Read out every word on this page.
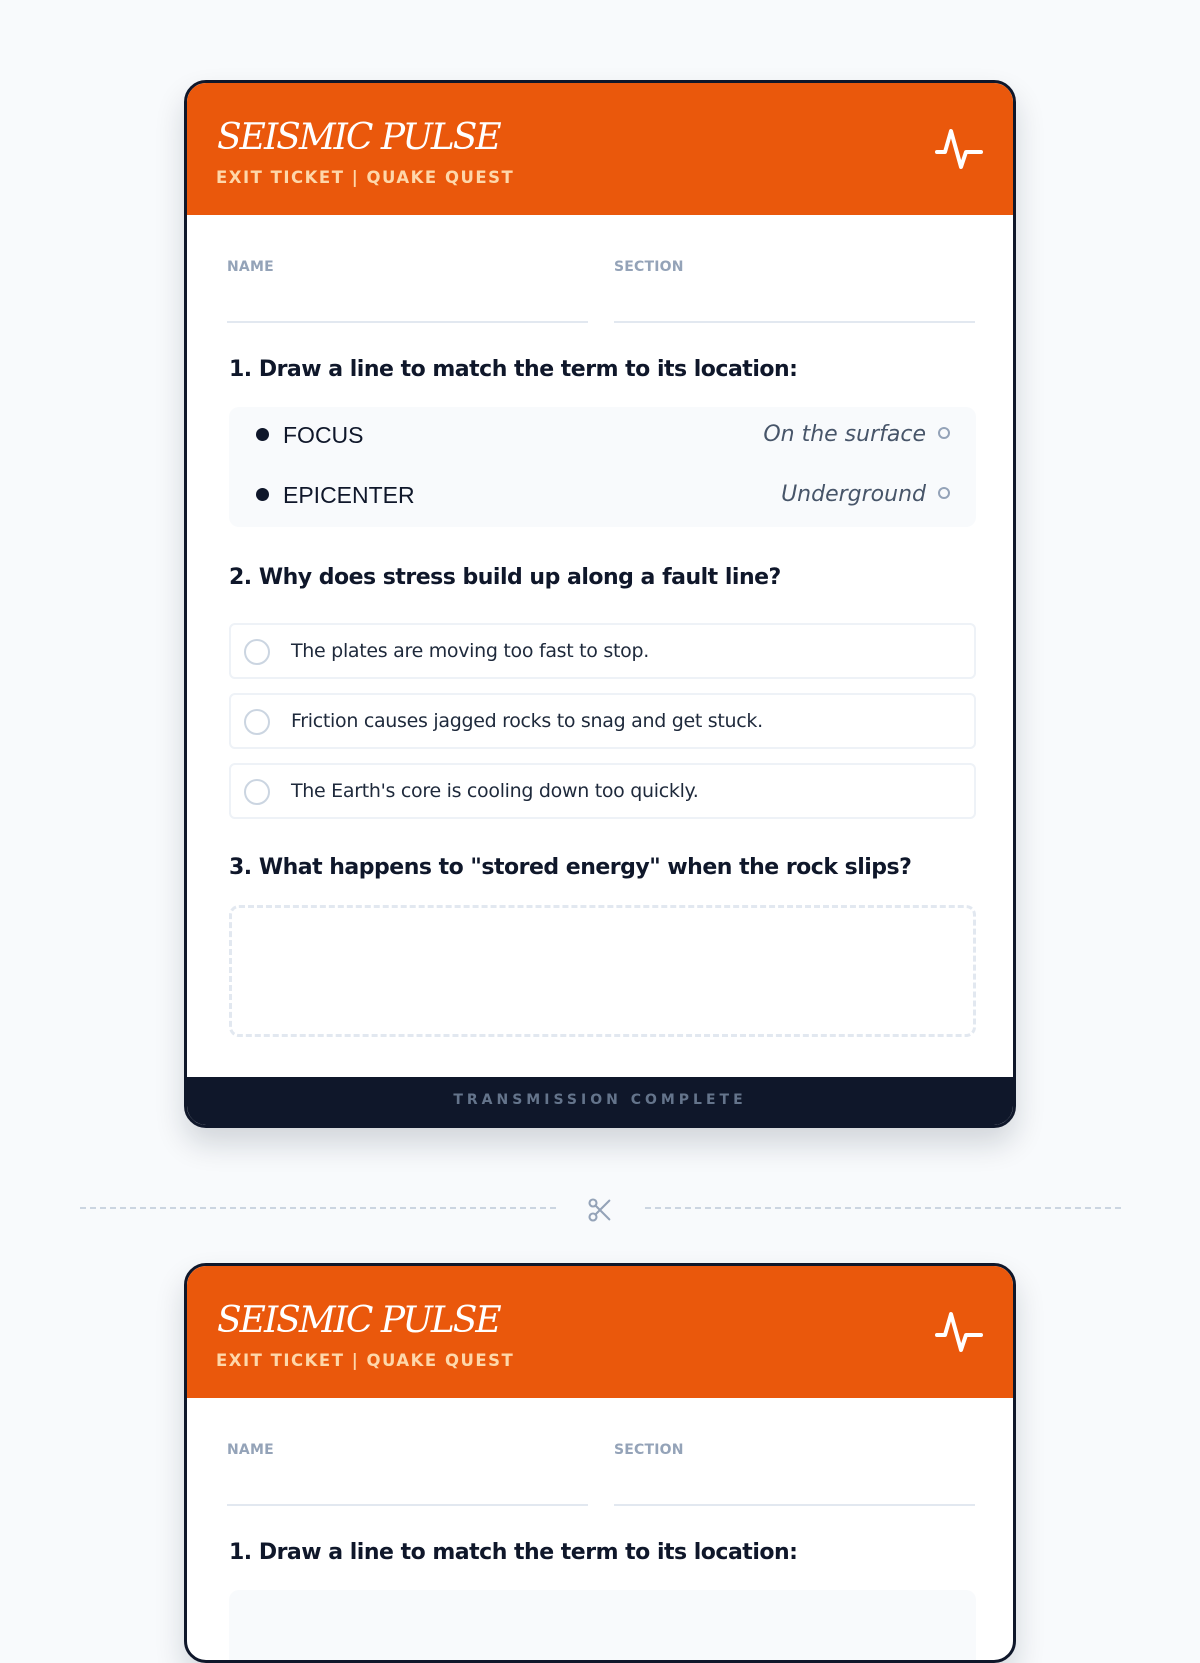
SEISMIC PULSE
EXIT TICKET | QUAKE QUEST
NAME	SECTION
1. Draw a line to match the term to its location:
FOCUS	On the surface
EPICENTER	Underground
2. Why does stress build up along a fault line?
The plates are moving too fast to stop.
Friction causes jagged rocks to snag and get stuck.
The Earth's core is cooling down too quickly.
3. What happens to "stored energy" when the rock slips?
TRANSMISSION COMPLETE
SEISMIC PULSE
EXIT TICKET | QUAKE QUEST
NAME	SECTION
1. Draw a line to match the term to its location:
